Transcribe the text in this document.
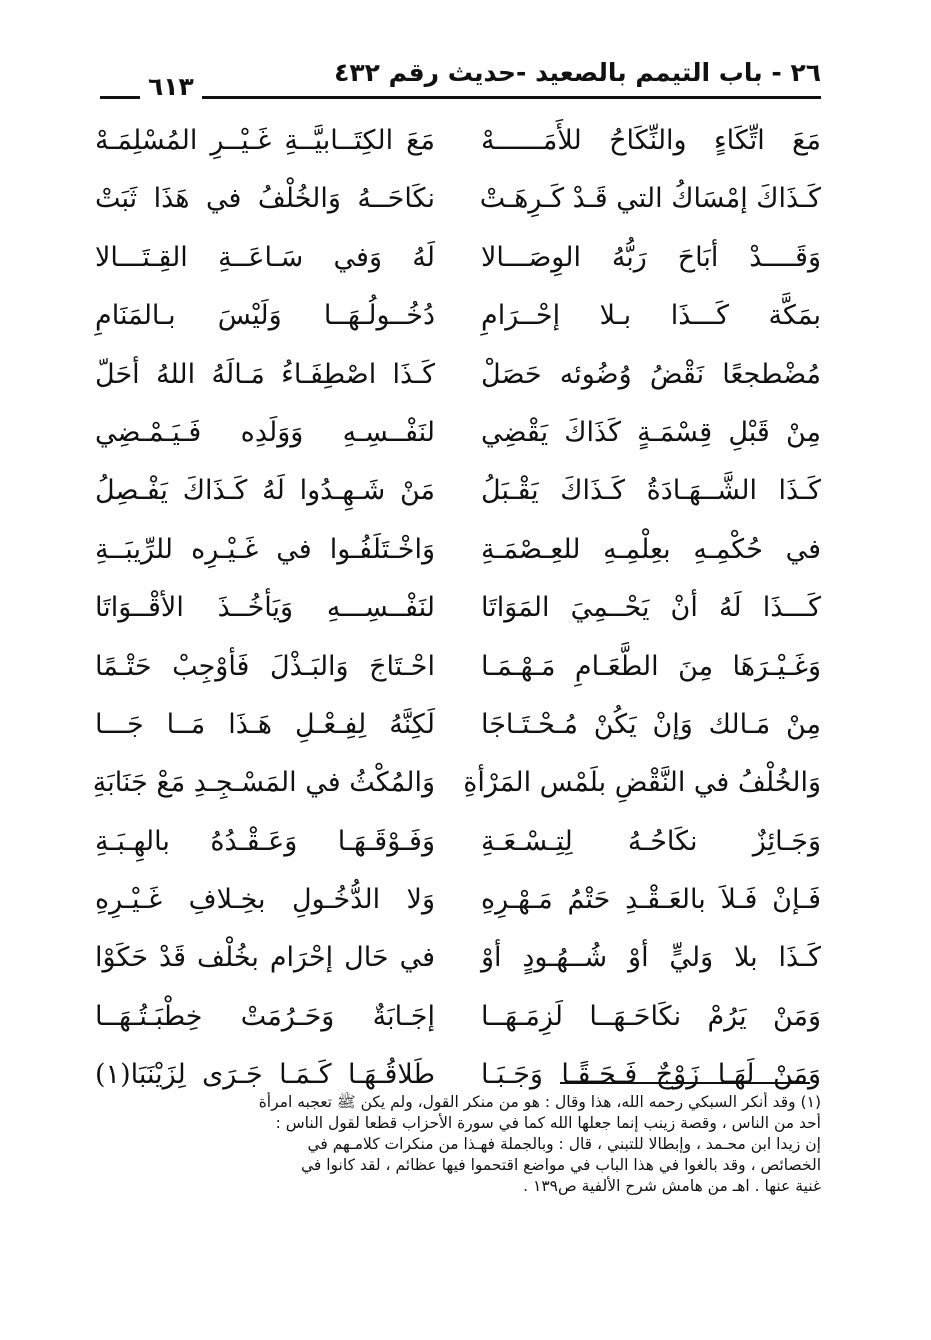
٢٦ - باب التيمم بالصعيد -حديث رقم ٤٣٢
٦١٣
مَعَ اتِّكَاءٍ والنِّكَاحُ للأَمَــــــهْ
مَعَ الكِتَــابيَّــةِ غَـيْــرِ المُسْلِمَـهْ
كَـذَاكَ إمْسَاكُ التي قَـدْ كَـرِهَـتْ
نكَاحَــهُ وَالخُلْفُ في هَذَا ثَبَتْ
وَقَــــدْ أبَاحَ رَبُّهُ الوِصَـــالا
لَهُ وَفي سَـاعَــةِ القِـتَـــالا
بمَكَّة كَـــذَا بـلا إحْــرَامِ
دُخُــولُـهَــا وَلَيْسَ بـالمَنَامِ
مُضْطجعًا نَقْضُ وُضُوئه حَصَلْ
كَـذَا اصْطِفَـاءُ مَـالَهُ اللهُ أحَلّ
مِنْ قَبْلِ قِسْمَـةٍ كَذَاكَ يَقْضِي
لنَفْــسِـهِ وَوَلَدِه فَـيَـمْـضِي
كَـذَا الشَّــهَـادَةُ كَـذَاكَ يَقْـبَلُ
مَنْ شَـهِـدُوا لَهُ كَـذَاكَ يَفْـصِلُ
في حُكْمِـهِ بعِلْمِـهِ للعِـصْمَـةِ
وَاخْـتَلَفُـوا في غَـيْـرِه للرِّيبَــةِ
كَـــذَا لَهُ أنْ يَحْــمِيَ المَوَاتَا
لنَفْــسِـــهِ وَيَأخُــذَ الأقْــوَاتَا
وَغَـيْـرَهَا مِنَ الطَّعَـامِ مَـهْـمَـا
احْـتَاجَ وَالبَـذْلَ فَأوْجِبْ حَتْـمًا
مِنْ مَـالك وَإنْ يَكُنْ مُـحْـتَـاجَا
لَكِنَّهُ لِفِـعْـلِ هَـذَا مَــا جَـــا
وَالخُلْفُ في النَّقْضِ بلَمْس المَرْأةِ
وَالمُكْثُ في المَسْـجِـدِ مَعْ جَنَابَةِ
وَجَـائِزٌ نكَاحُـهُ لِتِـسْـعَـةِ
وَفَـوْقَـهَـا وَعَـقْـدُهُ بالهِـبَـةِ
فَـإنْ فَـلاَ بالعَـقْـدِ حَتْمُ مَـهْـرِهِ
وَلا الدُّخُـولِ بخِـلافِ غَـيْـرِهِ
كَـذَا بلا وَليٍّ أوْ شُــهُـودٍ أوْ
في حَال إحْرَام بخُلْف قَدْ حَكَوْا
وَمَنْ يَرُمْ نكَاحَـهَــا لَزِمَـهَــا
إجَـابَةٌ وَحَـرُمَتْ خِطْبَـتُـهَــا
وَمَنْ لَهَـا زَوْجٌ فَـحَـقًـا وَجَـبَـا
طَلاقُـهَـا كَـمَـا جَـرَى لِزَيْنَبَا(١)
(١) وقد أنكر السبكي رحمه الله، هذا وقال : هو من منكر القول، ولم يكن ﷺ تعجبه امرأة
أحد من الناس ، وقصة زينب إنما جعلها الله كما في سورة الأحزاب قطعا لقول الناس :
إن زيدا ابن محـمد ، وإبطالا للتبني ، قال : وبالجملة فهـذا من منكرات كلامـهم في
الخصائص ، وقد بالغوا في هذا الباب في مواضع اقتحموا فيها عظائم ، لقد كانوا في
غنية عنها . اهـ من هامش شرح الألفية ص١٣٩ .
